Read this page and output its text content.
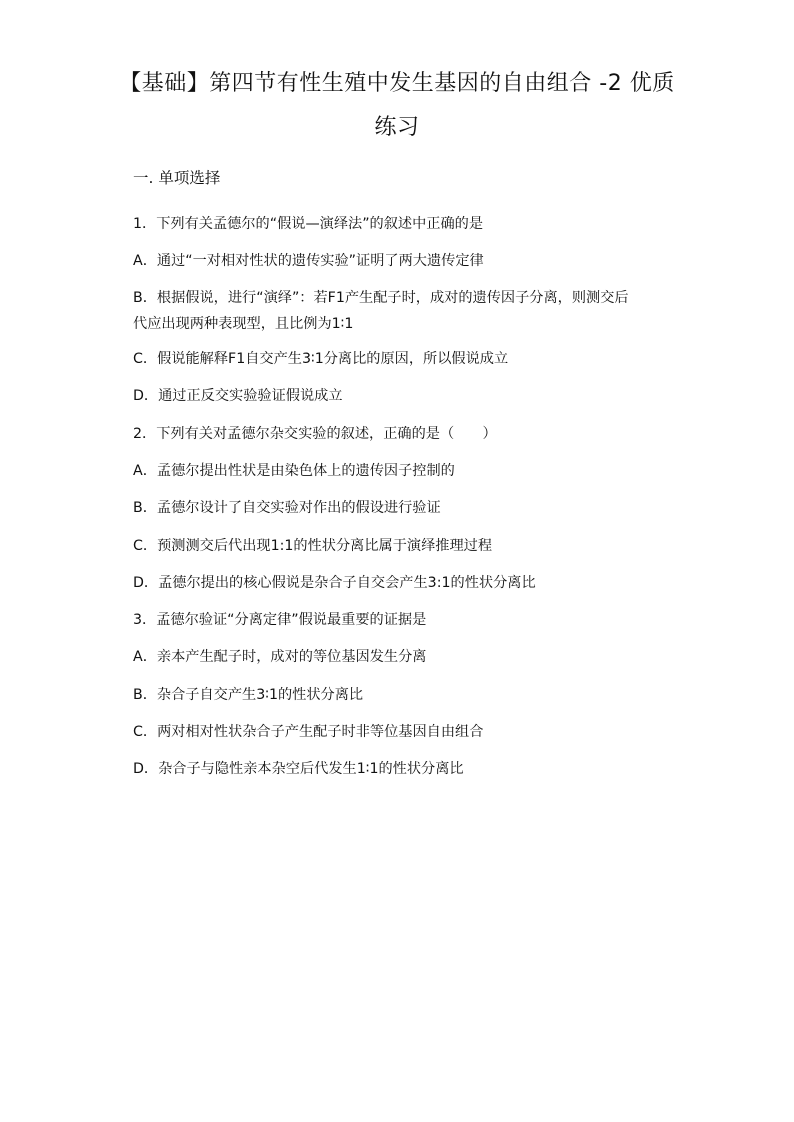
【基础】第四节有性生殖中发生基因的自由组合 -2 优质
练习
一. 单项选择
1．下列有关孟德尔的“假说—演绎法”的叙述中正确的是
A．通过“一对相对性状的遗传实验”证明了两大遗传定律
B．根据假说，进行“演绎”：若F1产生配子时，成对的遗传因子分离，则测交后
代应出现两种表现型，且比例为1∶1
C．假说能解释F1自交产生3∶1分离比的原因，所以假说成立
D．通过正反交实验验证假说成立
2．下列有关对孟德尔杂交实验的叙述，正确的是（　　）
A．孟德尔提出性状是由染色体上的遗传因子控制的
B．孟德尔设计了自交实验对作出的假设进行验证
C．预测测交后代出现1:1的性状分离比属于演绎推理过程
D．孟德尔提出的核心假说是杂合子自交会产生3:1的性状分离比
3．孟德尔验证“分离定律”假说最重要的证据是
A．亲本产生配子时，成对的等位基因发生分离
B．杂合子自交产生3∶1的性状分离比
C．两对相对性状杂合子产生配子时非等位基因自由组合
D．杂合子与隐性亲本杂空后代发生1∶1的性状分离比
